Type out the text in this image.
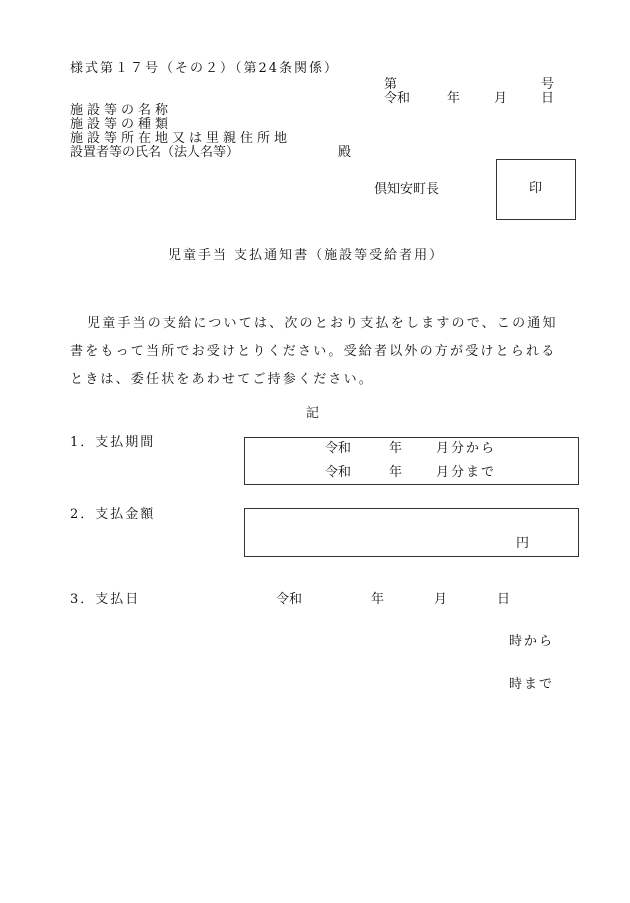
様式第１７号（その２）（第24条関係）
第	号
令和	年	月	日
施設等の名称
施設等の種類
施設等所在地又は里親住所地
設置者等の氏名（法人名等）	殿
倶知安町長	印
児童手当 支払通知書（施設等受給者用）
児童手当の支給については、次のとおり支払をしますので、この通知書をもって当所でお受けとりください。受給者以外の方が受けとられるときは、委任状をあわせてご持参ください。
記
1．支払期間	令和	年	月分から
令和	年	月分まで
2．支払金額
円
3．支払日	令和	年	月	日
時から
時まで
